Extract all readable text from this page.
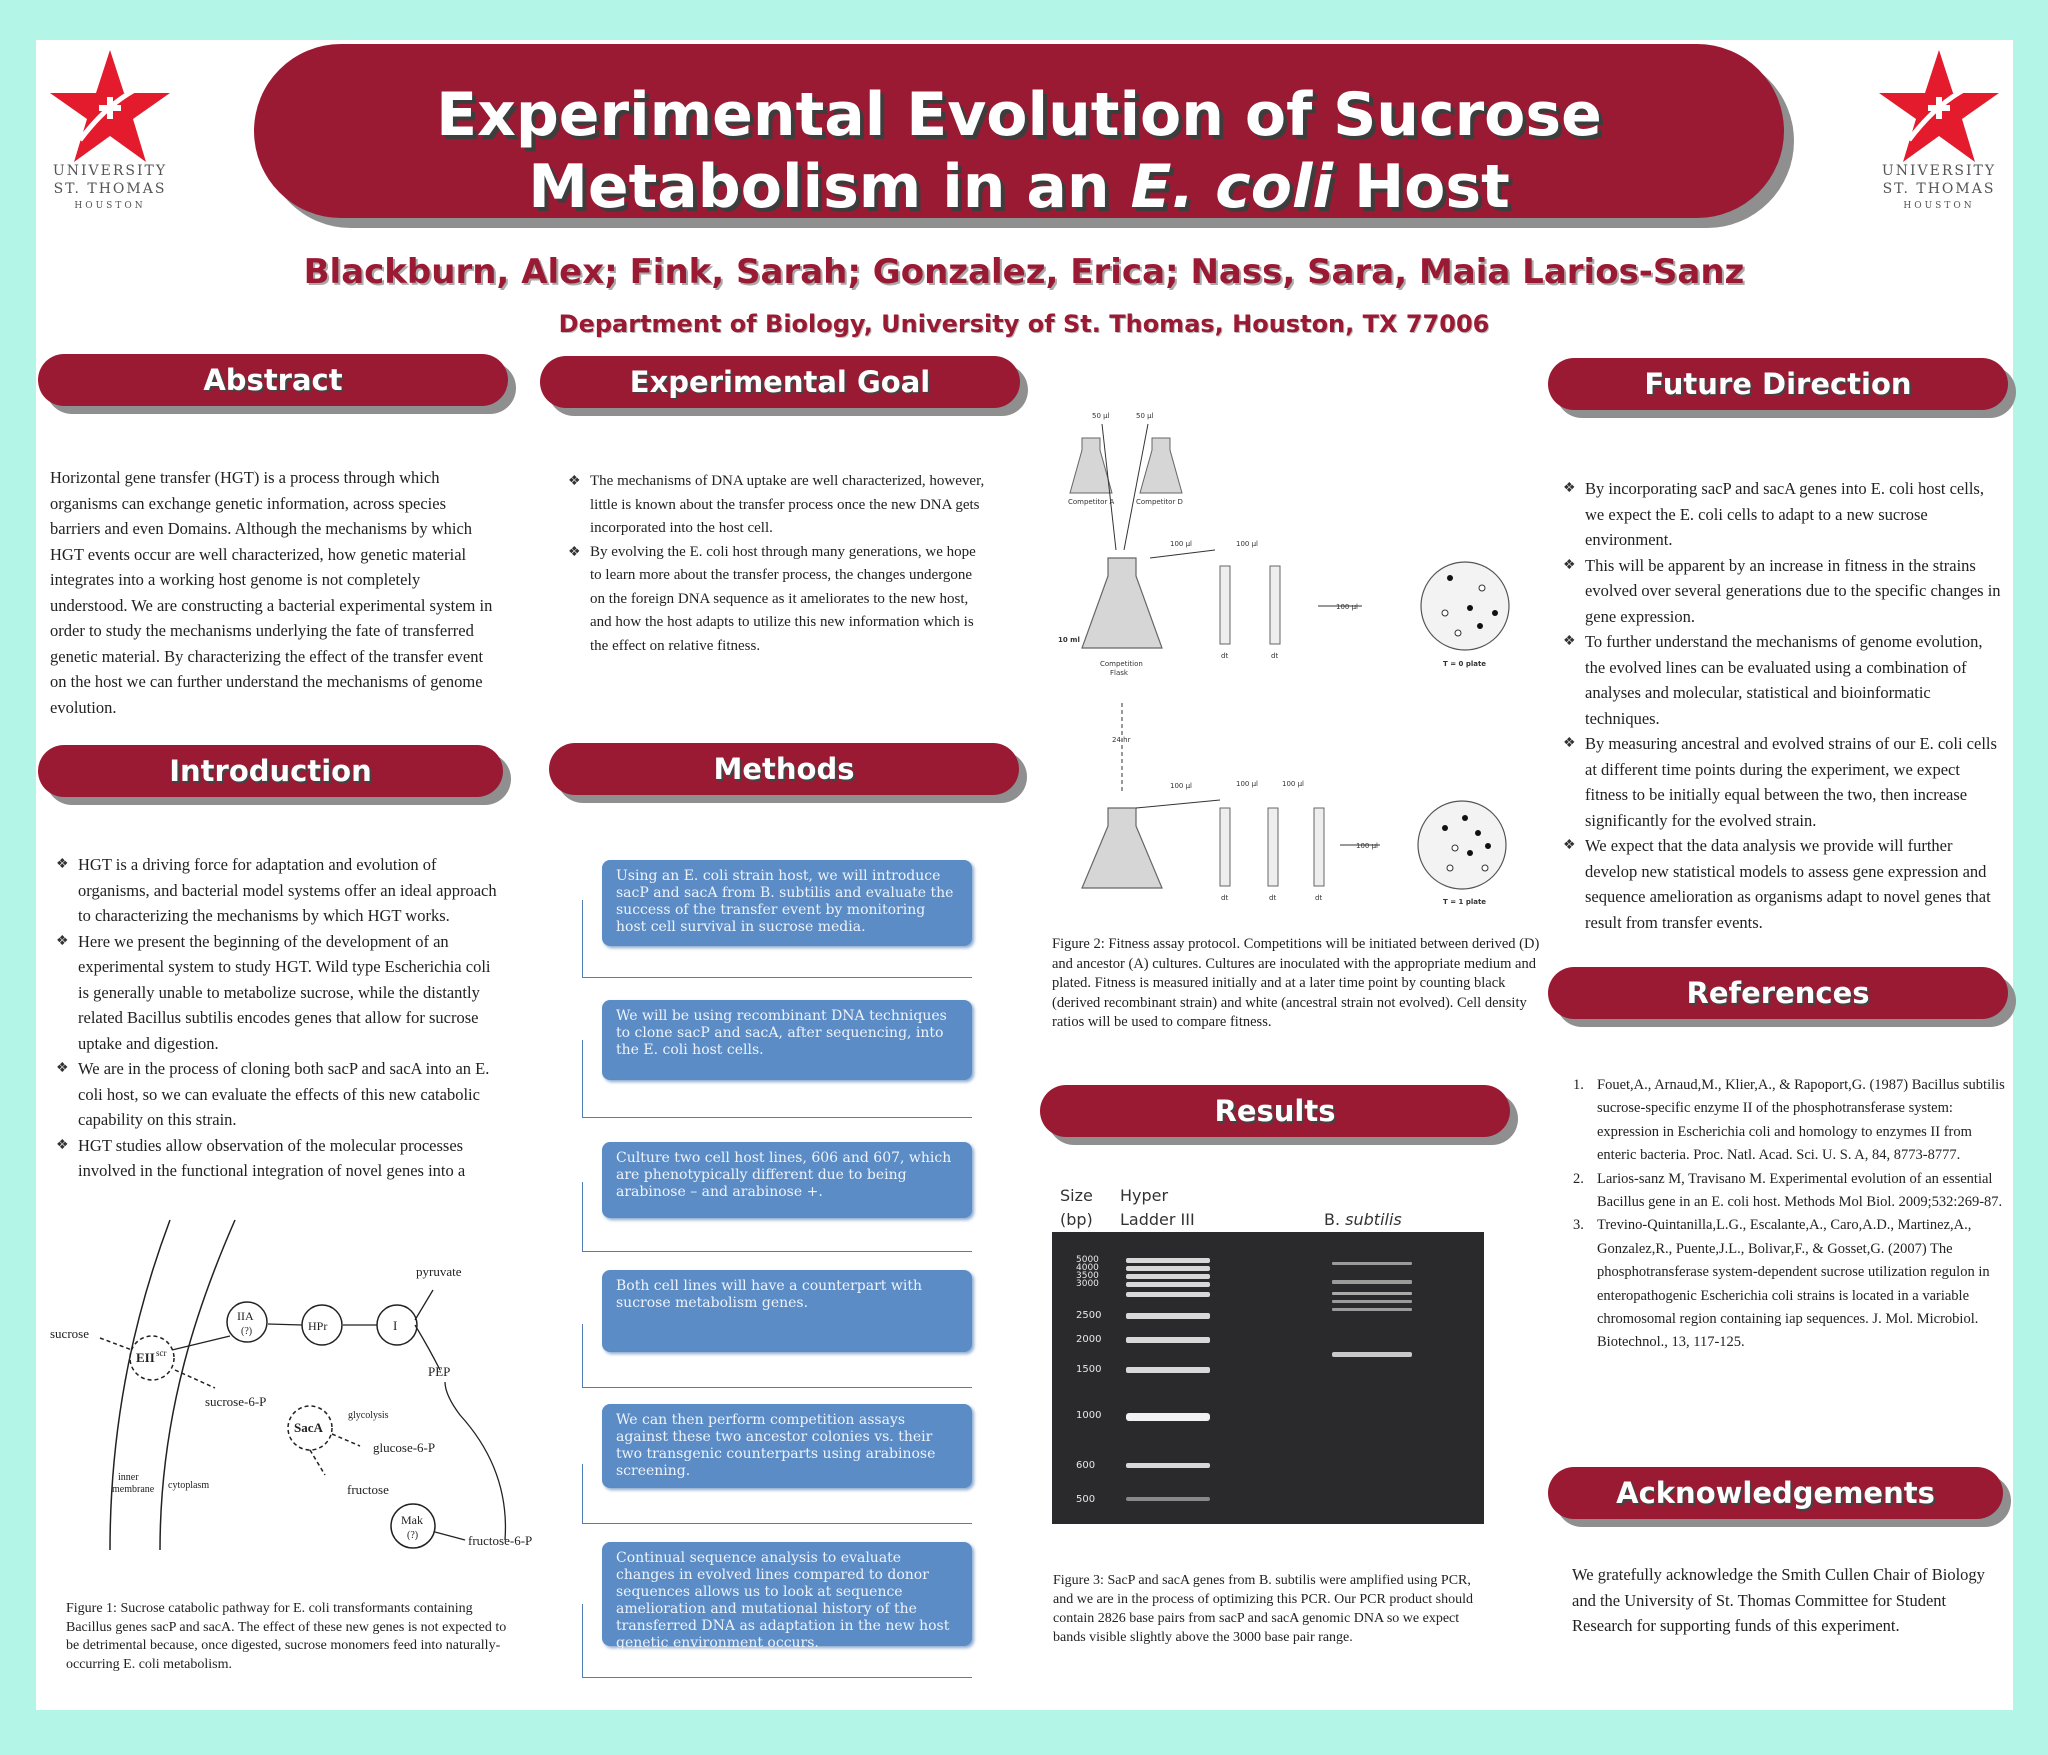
UNIVERSITY
ST. THOMAS
HOUSTON
UNIVERSITY
ST. THOMAS
HOUSTON
Experimental Evolution of Sucrose
Metabolism in an E. coli Host
Blackburn, Alex; Fink, Sarah; Gonzalez, Erica; Nass, Sara, Maia Larios-Sanz
Department of Biology, University of St. Thomas, Houston, TX 77006
Abstract	Experimental Goal	Future Direction
Introduction	Methods
References
Results
Acknowledgements
Horizontal gene transfer (HGT) is a process through which organisms can exchange genetic information, across species barriers and even Domains. Although the mechanisms by which HGT events occur are well characterized, how genetic material integrates into a working host genome is not completely understood. We are constructing a bacterial experimental system in order to study the mechanisms underlying the fate of transferred genetic material. By characterizing the effect of the transfer event on the host we can further understand the mechanisms of genome evolution.
❖ The mechanisms of DNA uptake are well characterized, however, little is known about the transfer process once the new DNA gets incorporated into the host cell.
❖ By evolving the E. coli host through many generations, we hope to learn more about the transfer process, the changes undergone on the foreign DNA sequence as it ameliorates to the new host, and how the host adapts to utilize this new information which is the effect on relative fitness.
❖ HGT is a driving force for adaptation and evolution of organisms, and bacterial model systems offer an ideal approach to characterizing the mechanisms by which HGT works.
❖ Here we present the beginning of the development of an experimental system to study HGT. Wild type Escherichia coli is generally unable to metabolize sucrose, while the distantly related Bacillus subtilis encodes genes that allow for sucrose uptake and digestion.
❖ We are in the process of cloning both sacP and sacA into an E. coli host, so we can evaluate the effects of this new catabolic capability on this strain.
❖ HGT studies allow observation of the molecular processes involved in the functional integration of novel genes into a
sucrose
EII scr
IIA
(?)	HPr	I
pyruvate
PEP
sucrose-6-P
SacA
glucose-6-P
glycolysis
fructose
Mak
(?)	fructose-6-P
inner
membrane cytoplasm
Figure 1: Sucrose catabolic pathway for E. coli transformants containing Bacillus genes sacP and sacA. The effect of these new genes is not expected to be detrimental because, once digested, sucrose monomers feed into naturally-occurring E. coli metabolism.
Using an E. coli strain host, we will introduce sacP and sacA from B. subtilis and evaluate the success of the transfer event by monitoring host cell survival in sucrose media.
We will be using recombinant DNA techniques to clone sacP and sacA, after sequencing, into the E. coli host cells.
Culture two cell host lines, 606 and 607, which are phenotypically different due to being arabinose – and arabinose +.
Both cell lines will have a counterpart with sucrose metabolism genes.
We can then perform competition assays against these two ancestor colonies vs. their two transgenic counterparts using arabinose screening.
Continual sequence analysis to evaluate changes in evolved lines compared to donor sequences allows us to look at sequence amelioration and mutational history of the transferred DNA as adaptation in the new host genetic environment occurs.
50 µl	50 µl
Competitor A	Competitor D
10 ml
Competition
Flask
100 µl	100 µl
dt	dt
100 µl
T = 0 plate
24 hr
100 µl	100 µl	100 µl
dt	dt	dt
100 µl
T = 1 plate
Figure 2: Fitness assay protocol. Competitions will be initiated between derived (D) and ancestor (A) cultures. Cultures are inoculated with the appropriate medium and plated. Fitness is measured initially and at a later time point by counting black (derived recombinant strain) and white (ancestral strain not evolved). Cell density ratios will be used to compare fitness.
Size
(bp)
Hyper
Ladder III	B. subtilis
5000
4000
3500
3000
2500
2000
1500
1000
600
500
Figure 3: SacP and sacA genes from B. subtilis were amplified using PCR, and we are in the process of optimizing this PCR. Our PCR product should contain 2826 base pairs from sacP and sacA genomic DNA so we expect bands visible slightly above the 3000 base pair range.
❖ By incorporating sacP and sacA genes into E. coli host cells, we expect the E. coli cells to adapt to a new sucrose environment.
❖ This will be apparent by an increase in fitness in the strains evolved over several generations due to the specific changes in gene expression.
❖ To further understand the mechanisms of genome evolution, the evolved lines can be evaluated using a combination of analyses and molecular, statistical and bioinformatic techniques.
❖ By measuring ancestral and evolved strains of our E. coli cells at different time points during the experiment, we expect fitness to be initially equal between the two, then increase significantly for the evolved strain.
❖ We expect that the data analysis we provide will further develop new statistical models to assess gene expression and sequence amelioration as organisms adapt to novel genes that result from transfer events.
1. Fouet,A., Arnaud,M., Klier,A., & Rapoport,G. (1987) Bacillus subtilis sucrose-specific enzyme II of the phosphotransferase system: expression in Escherichia coli and homology to enzymes II from enteric bacteria. Proc. Natl. Acad. Sci. U. S. A, 84, 8773-8777.
2. Larios-sanz M, Travisano M. Experimental evolution of an essential Bacillus gene in an E. coli host. Methods Mol Biol. 2009;532:269-87.
3. Trevino-Quintanilla,L.G., Escalante,A., Caro,A.D., Martinez,A., Gonzalez,R., Puente,J.L., Bolivar,F., & Gosset,G. (2007) The phosphotransferase system-dependent sucrose utilization regulon in enteropathogenic Escherichia coli strains is located in a variable chromosomal region containing iap sequences. J. Mol. Microbiol. Biotechnol., 13, 117-125.
We gratefully acknowledge the Smith Cullen Chair of Biology and the University of St. Thomas Committee for Student Research for supporting funds of this experiment.
